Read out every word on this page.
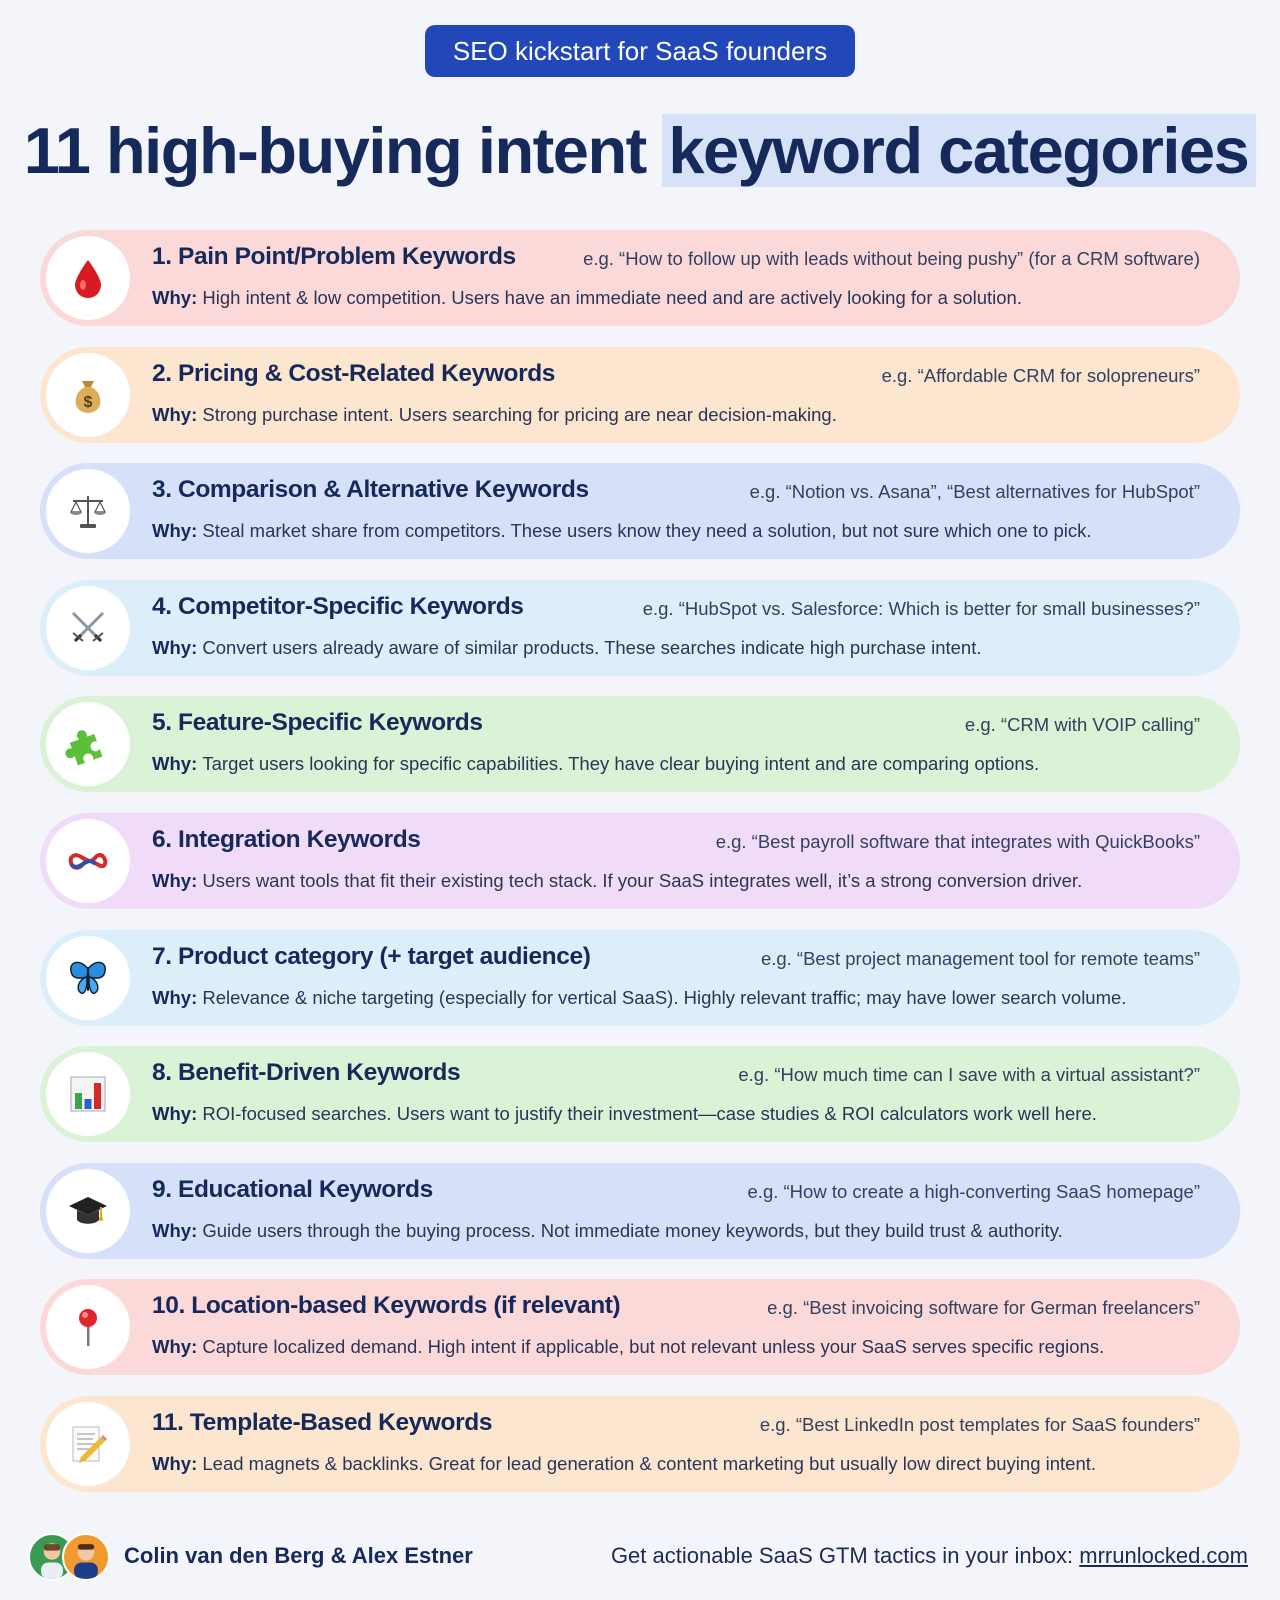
SEO kickstart for SaaS founders
11 high-buying intent keyword categories
1. Pain Point/Problem Keywords	e.g. “How to follow up with leads without being pushy” (for a CRM software)
Why: High intent & low competition. Users have an immediate need and are actively looking for a solution.
$
2. Pricing & Cost-Related Keywords	e.g. “Affordable CRM for solopreneurs”
Why: Strong purchase intent. Users searching for pricing are near decision-making.
3. Comparison & Alternative Keywords	e.g. “Notion vs. Asana”, “Best alternatives for HubSpot”
Why: Steal market share from competitors. These users know they need a solution, but not sure which one to pick.
4. Competitor-Specific Keywords	e.g. “HubSpot vs. Salesforce: Which is better for small businesses?”
Why: Convert users already aware of similar products. These searches indicate high purchase intent.
5. Feature-Specific Keywords	e.g. “CRM with VOIP calling”
Why: Target users looking for specific capabilities. They have clear buying intent and are comparing options.
6. Integration Keywords	e.g. “Best payroll software that integrates with QuickBooks”
Why: Users want tools that fit their existing tech stack. If your SaaS integrates well, it’s a strong conversion driver.
7. Product category (+ target audience)	e.g. “Best project management tool for remote teams”
Why: Relevance & niche targeting (especially for vertical SaaS). Highly relevant traffic; may have lower search volume.
8. Benefit-Driven Keywords	e.g. “How much time can I save with a virtual assistant?”
Why: ROI-focused searches. Users want to justify their investment—case studies & ROI calculators work well here.
9. Educational Keywords	e.g. “How to create a high-converting SaaS homepage”
Why: Guide users through the buying process. Not immediate money keywords, but they build trust & authority.
10. Location-based Keywords (if relevant)	e.g. “Best invoicing software for German freelancers”
Why: Capture localized demand. High intent if applicable, but not relevant unless your SaaS serves specific regions.
11. Template-Based Keywords	e.g. “Best LinkedIn post templates for SaaS founders”
Why: Lead magnets & backlinks. Great for lead generation & content marketing but usually low direct buying intent.
Colin van den Berg & Alex Estner	Get actionable SaaS GTM tactics in your inbox: mrrunlocked.com
